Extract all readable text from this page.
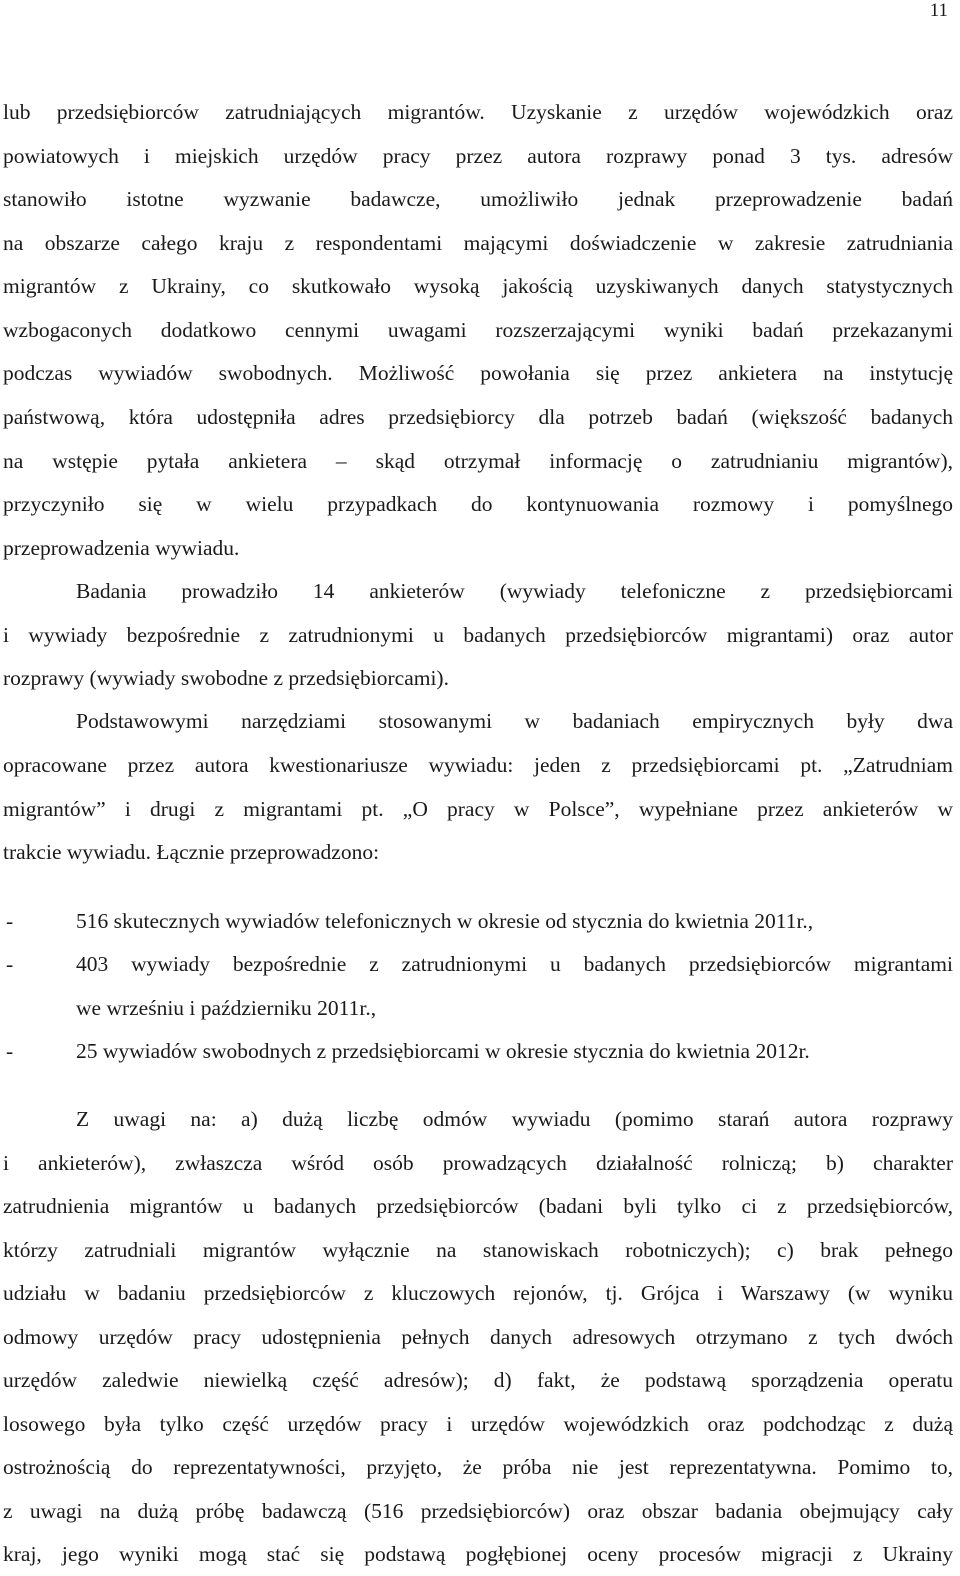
11
lub przedsiębiorców zatrudniających migrantów. Uzyskanie z urzędów wojewódzkich oraz
powiatowych i miejskich urzędów pracy przez autora rozprawy ponad 3 tys. adresów
stanowiło istotne wyzwanie badawcze, umożliwiło jednak przeprowadzenie badań
na obszarze całego kraju z respondentami mającymi doświadczenie w zakresie zatrudniania
migrantów z Ukrainy, co skutkowało wysoką jakością uzyskiwanych danych statystycznych
wzbogaconych dodatkowo cennymi uwagami rozszerzającymi wyniki badań przekazanymi
podczas wywiadów swobodnych. Możliwość powołania się przez ankietera na instytucję
państwową, która udostępniła adres przedsiębiorcy dla potrzeb badań (większość badanych
na wstępie pytała ankietera – skąd otrzymał informację o zatrudnianiu migrantów),
przyczyniło się w wielu przypadkach do kontynuowania rozmowy i pomyślnego
przeprowadzenia wywiadu.
Badania prowadziło 14 ankieterów (wywiady telefoniczne z przedsiębiorcami
i wywiady bezpośrednie z zatrudnionymi u badanych przedsiębiorców migrantami) oraz autor
rozprawy (wywiady swobodne z przedsiębiorcami).
Podstawowymi narzędziami stosowanymi w badaniach empirycznych były dwa
opracowane przez autora kwestionariusze wywiadu: jeden z przedsiębiorcami pt. „Zatrudniam
migrantów” i drugi z migrantami pt. „O pracy w Polsce”, wypełniane przez ankieterów w
trakcie wywiadu. Łącznie przeprowadzono:
-	516 skutecznych wywiadów telefonicznych w okresie od stycznia do kwietnia 2011r.,
-	403 wywiady bezpośrednie z zatrudnionymi u badanych przedsiębiorców migrantami
we wrześniu i październiku 2011r.,
-	25 wywiadów swobodnych z przedsiębiorcami w okresie stycznia do kwietnia 2012r.
Z uwagi na: a) dużą liczbę odmów wywiadu (pomimo starań autora rozprawy
i ankieterów), zwłaszcza wśród osób prowadzących działalność rolniczą; b) charakter
zatrudnienia migrantów u badanych przedsiębiorców (badani byli tylko ci z przedsiębiorców,
którzy zatrudniali migrantów wyłącznie na stanowiskach robotniczych); c) brak pełnego
udziału w badaniu przedsiębiorców z kluczowych rejonów, tj. Grójca i Warszawy (w wyniku
odmowy urzędów pracy udostępnienia pełnych danych adresowych otrzymano z tych dwóch
urzędów zaledwie niewielką część adresów); d) fakt, że podstawą sporządzenia operatu
losowego była tylko część urzędów pracy i urzędów wojewódzkich oraz podchodząc z dużą
ostrożnością do reprezentatywności, przyjęto, że próba nie jest reprezentatywna. Pomimo to,
z uwagi na dużą próbę badawczą (516 przedsiębiorców) oraz obszar badania obejmujący cały
kraj, jego wyniki mogą stać się podstawą pogłębionej oceny procesów migracji z Ukrainy
